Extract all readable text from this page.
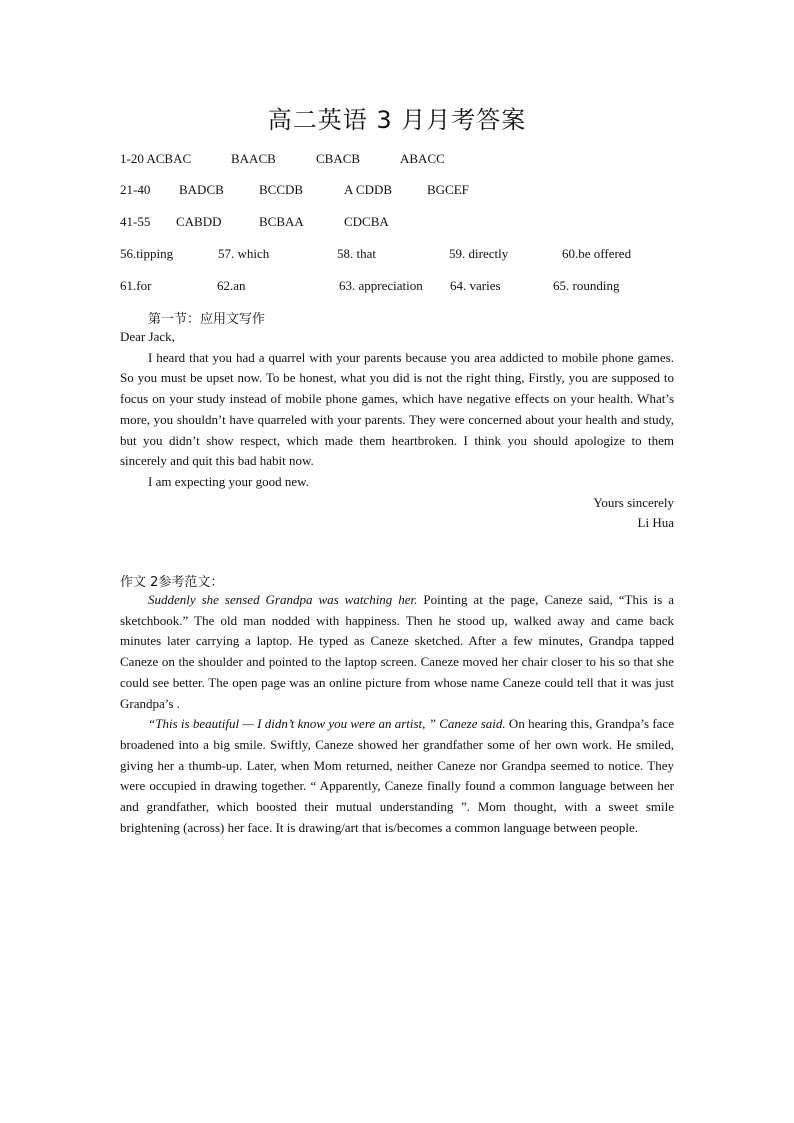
高二英语 3 月月考答案
1-20 ACBAC	BAACB	CBACB	ABACC
21-40 BADCB	BCCDB	A CDDB	BGCEF
41-55 CABDD	BCBAA	CDCBA
56.tipping	57. which	58. that	59. directly	60.be offered
61.for	62.an	63. appreciation 64. varies	65. rounding
第一节：应用文写作
Dear Jack,

I heard that you had a quarrel with your parents because you area addicted to mobile phone games. So you must be upset now. To be honest, what you did is not the right thing, Firstly, you are supposed to focus on your study instead of mobile phone games, which have negative effects on your health. What’s more, you shouldn’t have quarreled with your parents. They were concerned about your health and study, but you didn’t show respect, which made them heartbroken. I think you should apologize to them sincerely and quit this bad habit now.

I am expecting your good new.

Yours sincerely
Li Hua
作文 2参考范文：

Suddenly she sensed Grandpa was watching her. Pointing at the page, Caneze said, “This is a sketchbook.” The old man nodded with happiness. Then he stood up, walked away and came back minutes later carrying a laptop. He typed as Caneze sketched. After a few minutes, Grandpa tapped Caneze on the shoulder and pointed to the laptop screen. Caneze moved her chair closer to his so that she could see better. The open page was an online picture from whose name Caneze could tell that it was just Grandpa’s .

“This is beautiful — I didn’t know you were an artist, ” Caneze said. On hearing this, Grandpa’s face broadened into a big smile. Swiftly, Caneze showed her grandfather some of her own work. He smiled, giving her a thumb-up. Later, when Mom returned, neither Caneze nor Grandpa seemed to notice. They were occupied in drawing together. “ Apparently, Caneze finally found a common language between her and grandfather, which boosted their mutual understanding ”. Mom thought, with a sweet smile brightening (across) her face. It is drawing/art that is/becomes a common language between people.
